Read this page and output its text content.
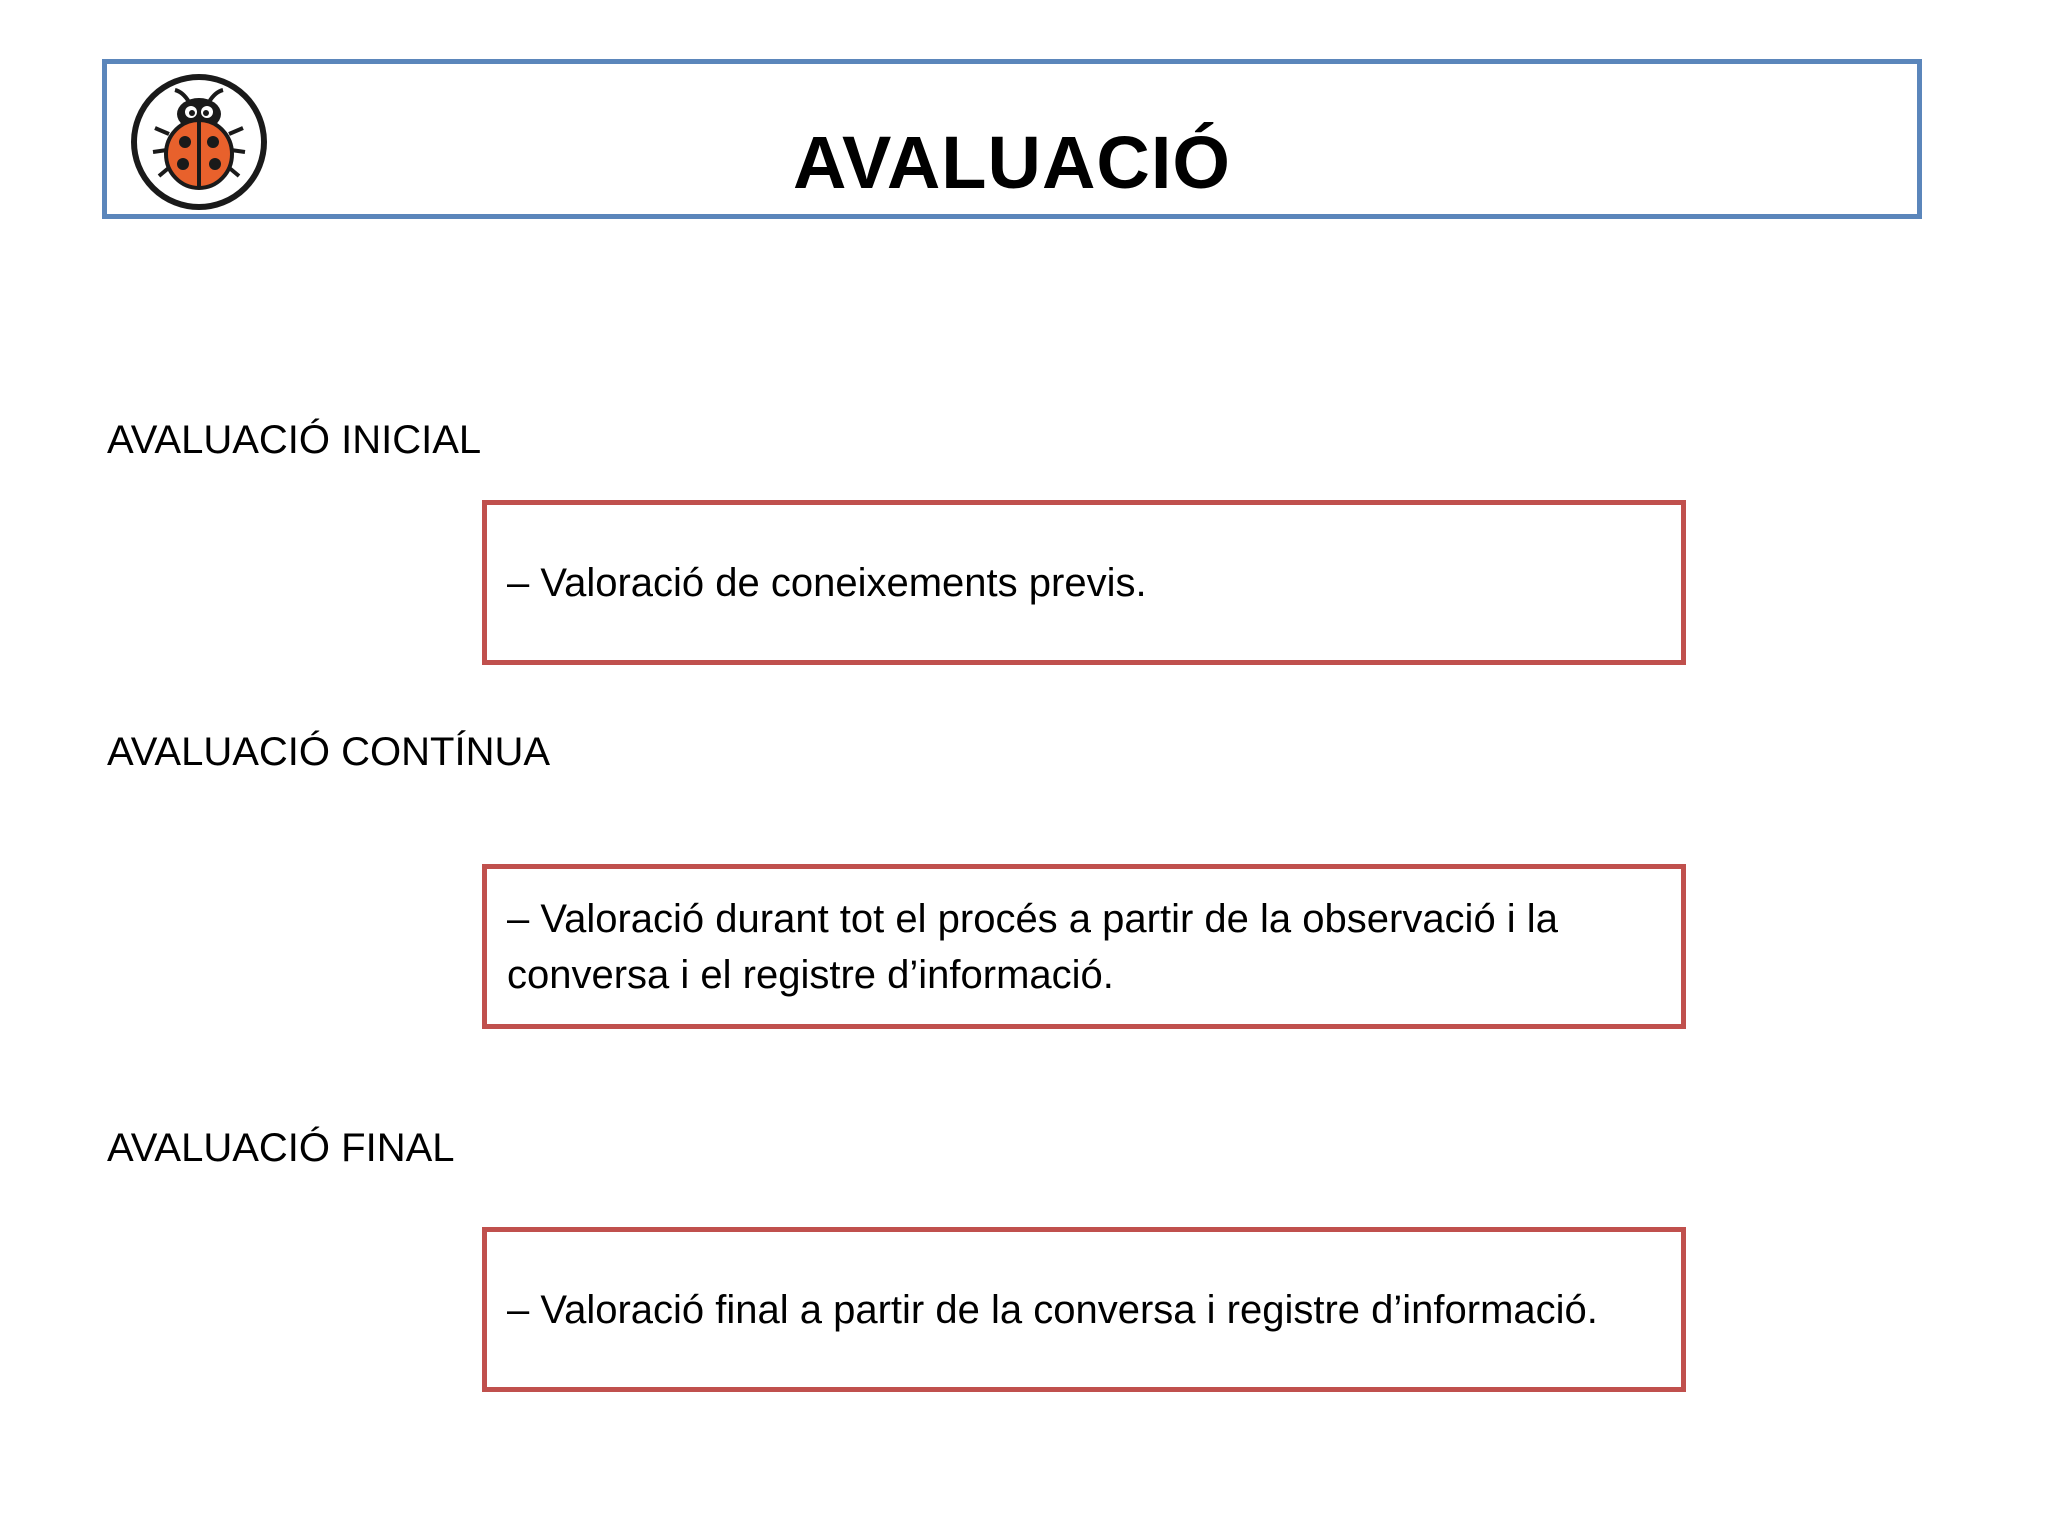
AVALUACIÓ
AVALUACIÓ INICIAL

– Valoració de coneixements previs.

AVALUACIÓ CONTÍNUA

– Valoració durant tot el procés a partir de la observació i la conversa i el registre d’informació.

AVALUACIÓ FINAL

– Valoració final a partir de la conversa i registre d’informació.
